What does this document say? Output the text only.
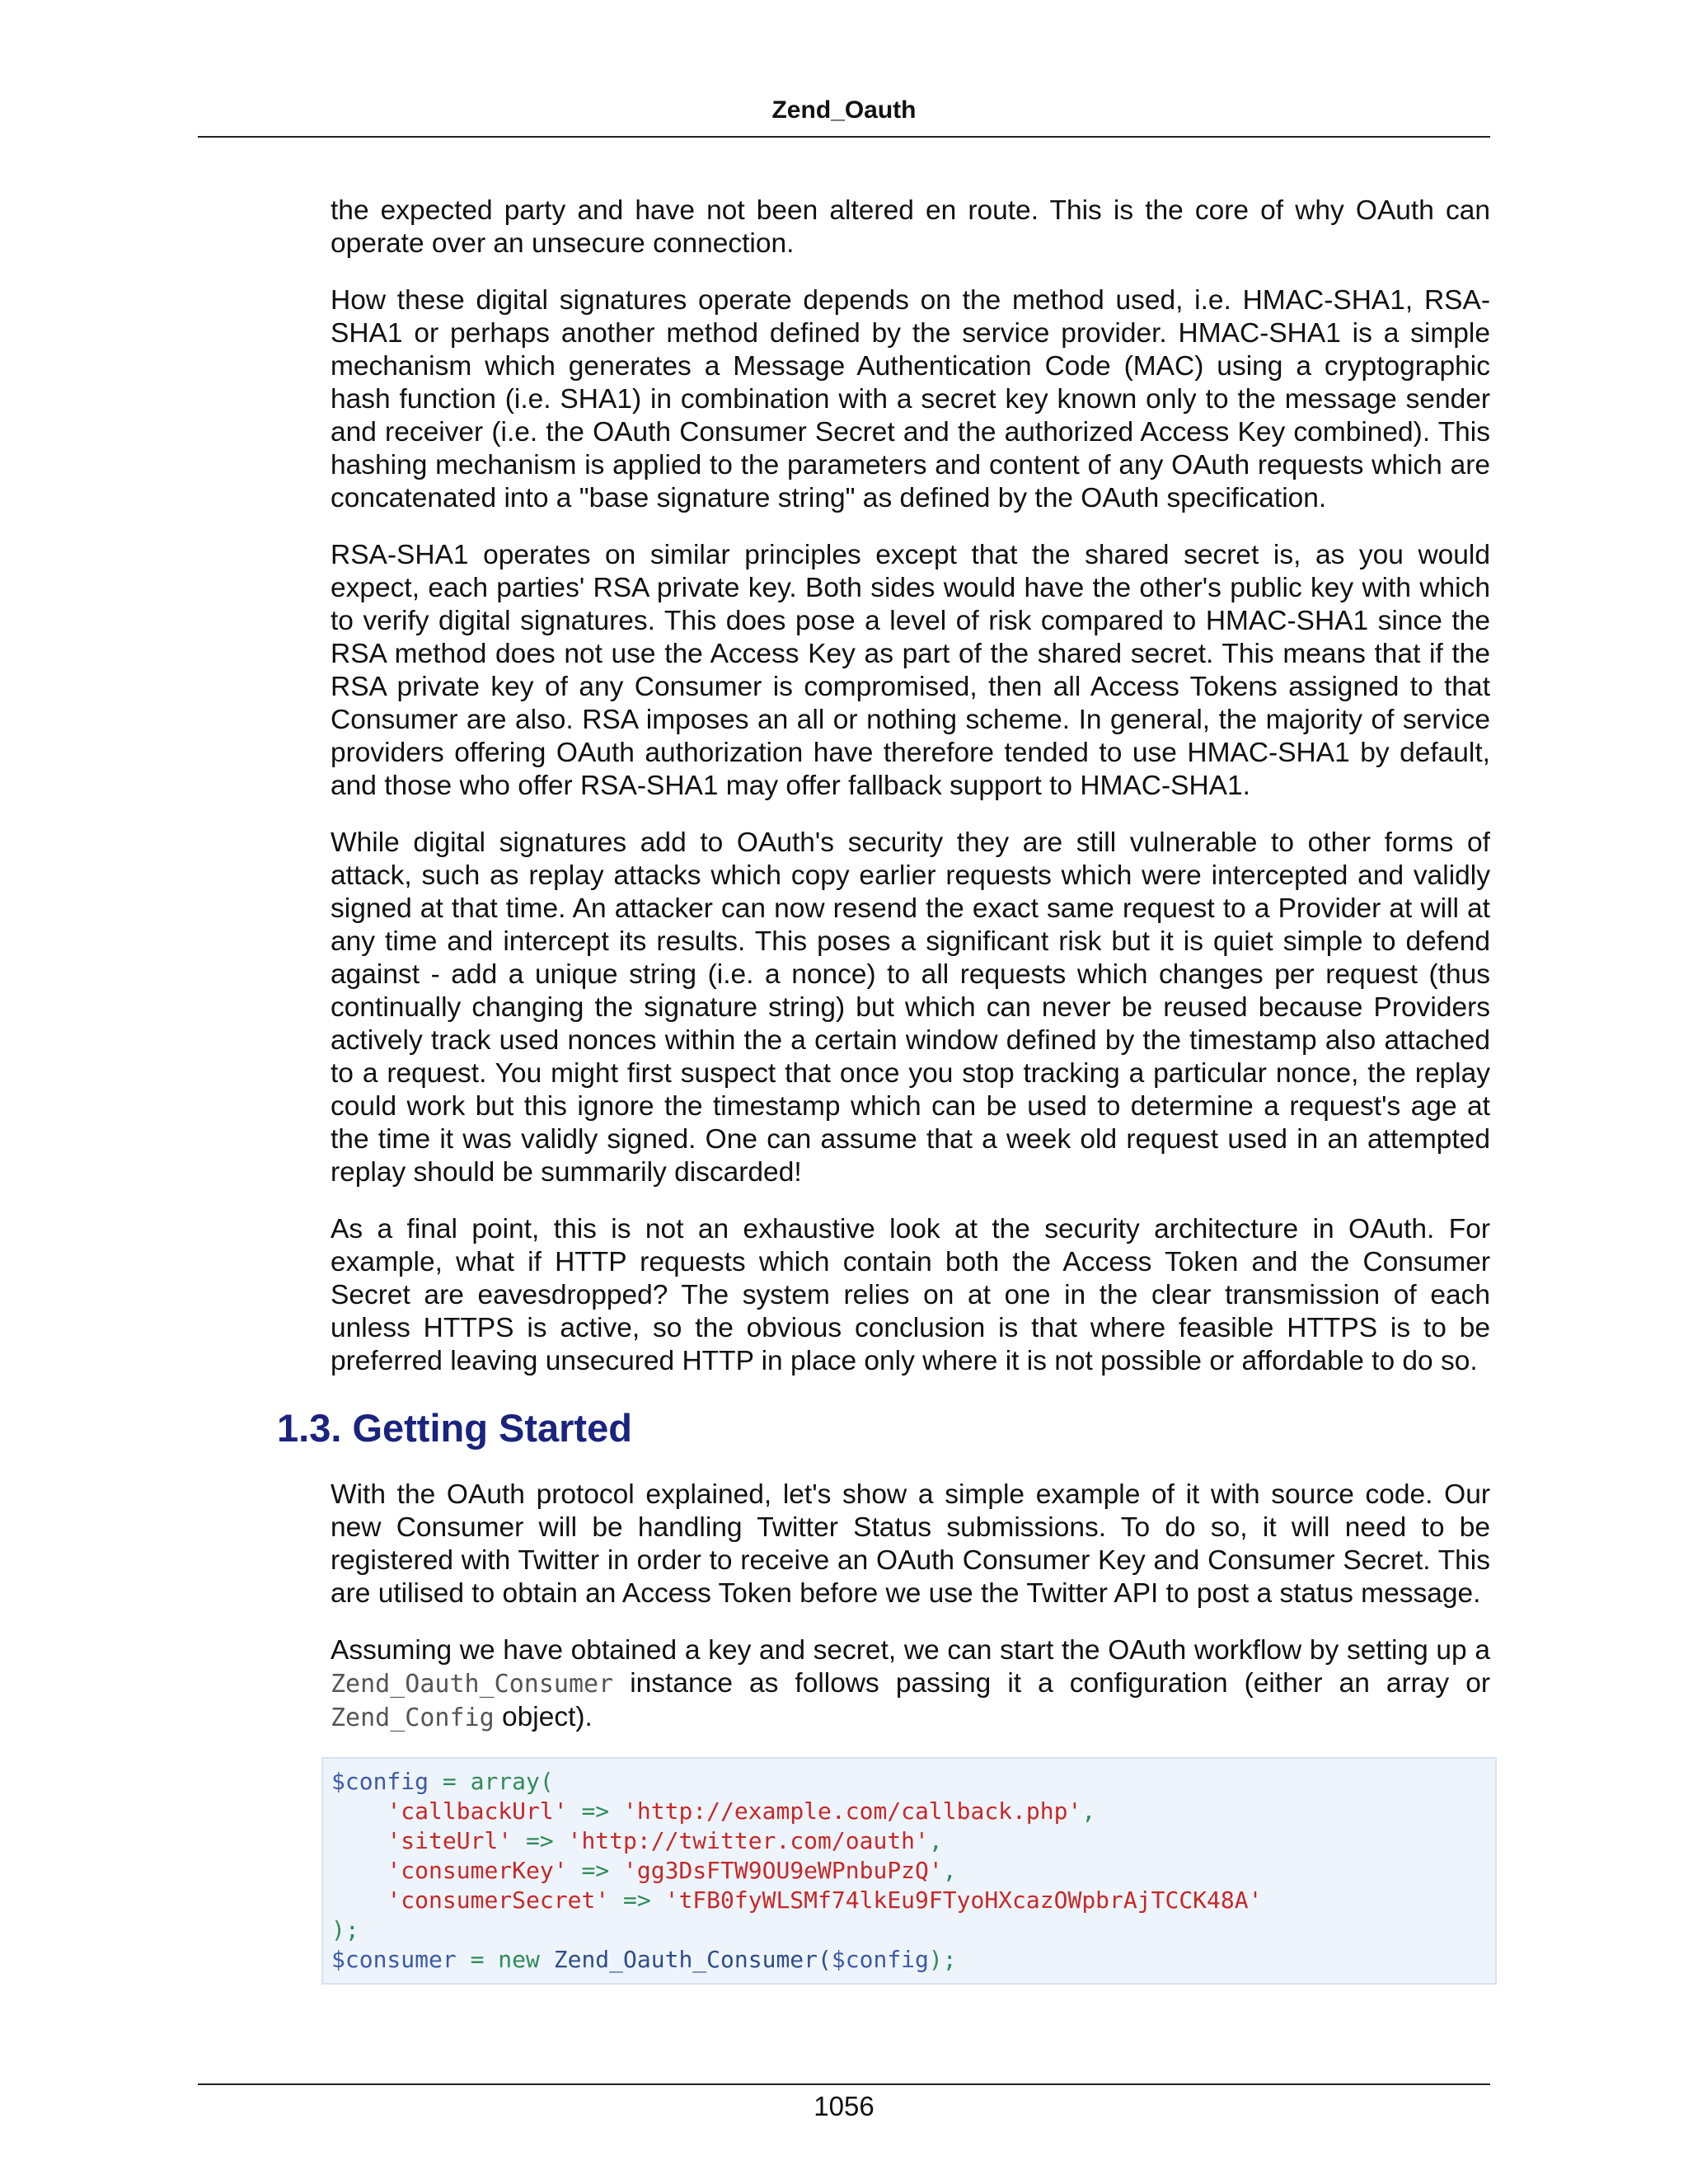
Zend_Oauth

the expected party and have not been altered en route. This is the core of why OAuth can operate over an unsecure connection.

How these digital signatures operate depends on the method used, i.e. HMAC-SHA1, RSA-SHA1 or perhaps another method defined by the service provider. HMAC-SHA1 is a simple mechanism which generates a Message Authentication Code (MAC) using a cryptographic hash function (i.e. SHA1) in combination with a secret key known only to the message sender and receiver (i.e. the OAuth Consumer Secret and the authorized Access Key combined). This hashing mechanism is applied to the parameters and content of any OAuth requests which are concatenated into a "base signature string" as defined by the OAuth specification.

RSA-SHA1 operates on similar principles except that the shared secret is, as you would expect, each parties' RSA private key. Both sides would have the other's public key with which to verify digital signatures. This does pose a level of risk compared to HMAC-SHA1 since the RSA method does not use the Access Key as part of the shared secret. This means that if the RSA private key of any Consumer is compromised, then all Access Tokens assigned to that Consumer are also. RSA imposes an all or nothing scheme. In general, the majority of service providers offering OAuth authorization have therefore tended to use HMAC-SHA1 by default, and those who offer RSA-SHA1 may offer fallback support to HMAC-SHA1.

While digital signatures add to OAuth's security they are still vulnerable to other forms of attack, such as replay attacks which copy earlier requests which were intercepted and validly signed at that time. An attacker can now resend the exact same request to a Provider at will at any time and intercept its results. This poses a significant risk but it is quiet simple to defend against - add a unique string (i.e. a nonce) to all requests which changes per request (thus continually changing the signature string) but which can never be reused because Providers actively track used nonces within the a certain window defined by the timestamp also attached to a request. You might first suspect that once you stop tracking a particular nonce, the replay could work but this ignore the timestamp which can be used to determine a request's age at the time it was validly signed. One can assume that a week old request used in an attempted replay should be summarily discarded!

As a final point, this is not an exhaustive look at the security architecture in OAuth. For example, what if HTTP requests which contain both the Access Token and the Consumer Secret are eavesdropped? The system relies on at one in the clear transmission of each unless HTTPS is active, so the obvious conclusion is that where feasible HTTPS is to be preferred leaving unsecured HTTP in place only where it is not possible or affordable to do so.

1.3. Getting Started

With the OAuth protocol explained, let's show a simple example of it with source code. Our new Consumer will be handling Twitter Status submissions. To do so, it will need to be registered with Twitter in order to receive an OAuth Consumer Key and Consumer Secret. This are utilised to obtain an Access Token before we use the Twitter API to post a status message.

Assuming we have obtained a key and secret, we can start the OAuth workflow by setting up a Zend_Oauth_Consumer instance as follows passing it a configuration (either an array or Zend_Config object).

$config = array(
'callbackUrl' => 'http://example.com/callback.php',
'siteUrl' => 'http://twitter.com/oauth',
'consumerKey' => 'gg3DsFTW9OU9eWPnbuPzQ',
'consumerSecret' => 'tFB0fyWLSMf74lkEu9FTyoHXcazOWpbrAjTCCK48A'
);
$consumer = new Zend_Oauth_Consumer($config);
1056
